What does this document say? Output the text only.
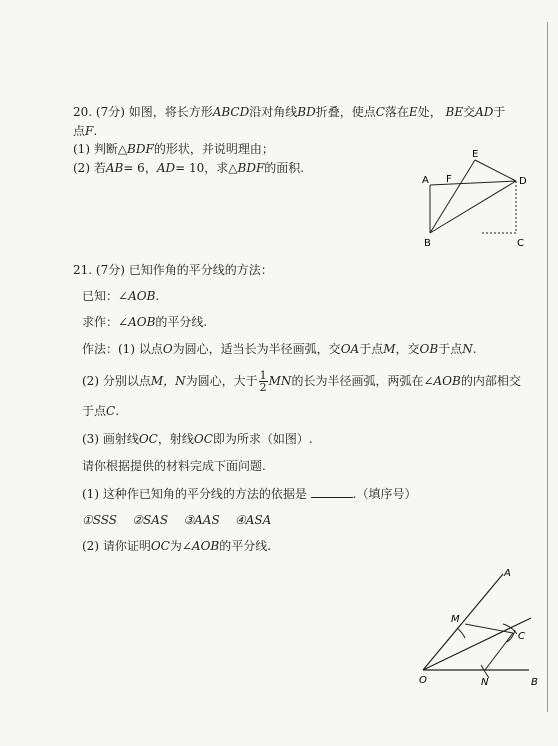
20. (7分) 如图，将长方形ABCD沿对角线BD折叠，使点C落在E处， BE交AD于
点F.
(1) 判断△BDF的形状，并说明理由；
(2) 若AB= 6，AD= 10，求△BDF的面积.
A F
E
D
B	C
21. (7分) 已知作角的平分线的方法：
已知：∠AOB.
求作：∠AOB的平分线.
作法：(1) 以点O为圆心，适当长为半径画弧，交OA于点M，交OB于点N.
(2) 分别以点M，N为圆心，大于 $\frac{1}{2}$ MN的长为半径画弧，两弧在∠AOB的内部相交
于点C.
(3) 画射线OC，射线OC即为所求（如图）.
请你根据提供的材料完成下面问题.
(1) 这种作已知角的平分线的方法的依据是	.（填序号）
①SSS    ②SAS    ③AAS    ④ASA
(2) 请你证明OC为∠AOB的平分线.
A
M
C
O	N	B
